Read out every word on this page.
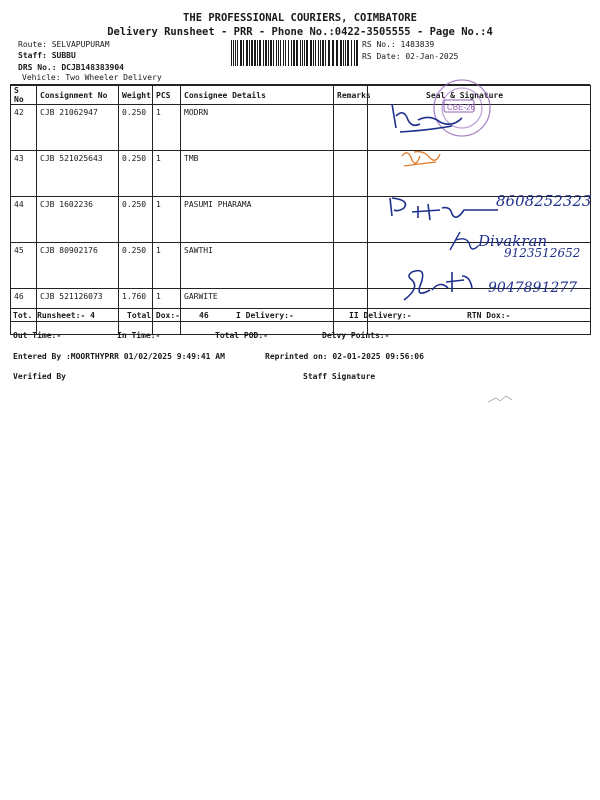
THE PROFESSIONAL COURIERS, COIMBATORE
Delivery Runsheet - PRR - Phone No.:0422-3505555 - Page No.:4
Route: SELVAPUPURAM
Staff: SUBBU
DRS No.: DCJB148383904
Vehicle: Two Wheeler Delivery
RS No.: 1483839
RS Date: 02-Jan-2025
S No	Consignment No	Weight	PCS	Consignee Details	Remarks	Seal & Signature
42	CJB 21062947	0.250	1	MODRN		
43	CJB 521025643	0.250	1	TMB		
44	CJB 1602236	0.250	1	PASUMI PHARAMA		
45	CJB 80902176	0.250	1	SAWTHI		
46	CJB 521126073	1.760	1	GARWITE		
CBE-26
8608252323
Divakran
9123512652
9047891277
Tot. Runsheet:- 4	Total Dox:- 46	I Delivery:-	II Delivery:-	RTN Dox:-
Out Time:-	In Time:-	Total POD:-	Delvy Points:-
Entered By :MOORTHYPRR 01/02/2025 9:49:41 AM	Reprinted on: 02-01-2025 09:56:06
Verified By	Staff Signature
